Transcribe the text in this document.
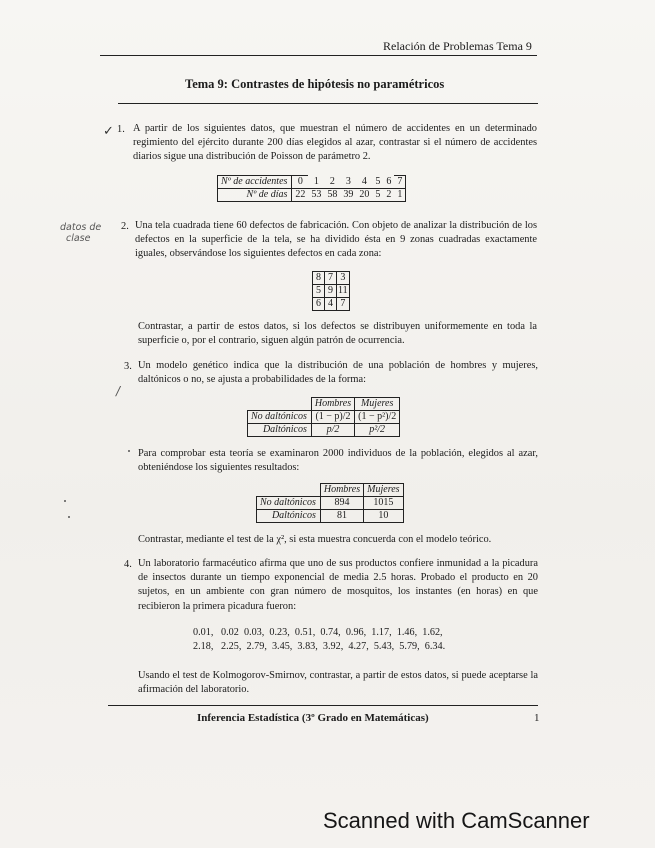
Relación de Problemas Tema 9
Tema 9: Contrastes de hipótesis no paramétricos
✓ 1. A partir de los siguientes datos, que muestran el número de accidentes en un determinado regimiento del ejército durante 200 días elegidos al azar, contrastar si el número de accidentes diarios sigue una distribución de Poisson de parámetro 2.
Nº de accidentes	0	1	2	3	4	5	6	7
Nº de días	22	53	58	39	20	5	2	1
datos de
clase
2. Una tela cuadrada tiene 60 defectos de fabricación. Con objeto de analizar la distribución de los defectos en la superficie de la tela, se ha dividido ésta en 9 zonas cuadradas exactamente iguales, observándose los siguientes defectos en cada zona:
8	7	3
5	9	11
6	4	7
Contrastar, a partir de estos datos, si los defectos se distribuyen uniformemente en toda la superficie o, por el contrario, siguen algún patrón de ocurrencia.
3. Un modelo genético indica que la distribución de una población de hombres y mujeres, daltónicos o no, se ajusta a probabilidades de la forma:
/
	Hombres	Mujeres
No daltónicos	(1 − p)/2	(1 − p²)/2
Daltónicos	p/2	p²/2
Para comprobar esta teoría se examinaron 2000 individuos de la población, elegidos al azar, obteniéndose los siguientes resultados:
	Hombres	Mujeres
No daltónicos	894	1015
Daltónicos	81	10
Contrastar, mediante el test de la χ², si esta muestra concuerda con el modelo teórico.
4. Un laboratorio farmacéutico afirma que uno de sus productos confiere inmunidad a la picadura de insectos durante un tiempo exponencial de media 2.5 horas. Probado el producto en 20 sujetos, en un ambiente con gran número de mosquitos, los instantes (en horas) en que recibieron la primera picadura fueron:
0.01,   0.02  0.03,  0.23,  0.51,  0.74,  0.96,  1.17,  1.46,  1.62,
2.18,   2.25,  2.79,  3.45,  3.83,  3.92,  4.27,  5.43,  5.79,  6.34.
Usando el test de Kolmogorov-Smirnov, contrastar, a partir de estos datos, si puede aceptarse la afirmación del laboratorio.
Inferencia Estadística (3º Grado en Matemáticas)	1
Scanned with CamScanner
